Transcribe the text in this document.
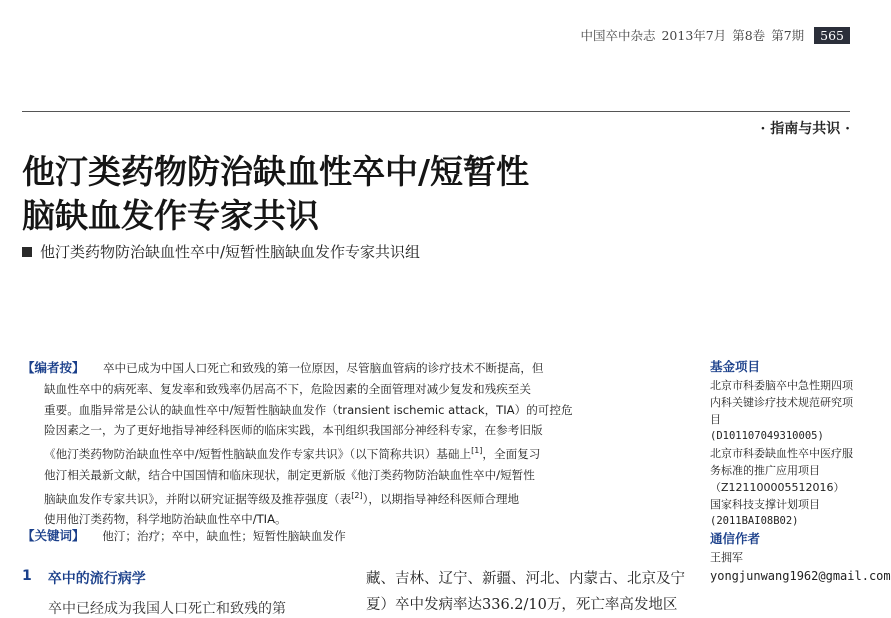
中国卒中杂志 2013年7月 第8卷 第7期	565
· 指南与共识 ·
他汀类药物防治缺血性卒中/短暂性
脑缺血发作专家共识
他汀类药物防治缺血性卒中/短暂性脑缺血发作专家共识组
【编者按】 卒中已成为中国人口死亡和致残的第一位原因，尽管脑血管病的诊疗技术不断提高，但
缺血性卒中的病死率、复发率和致残率仍居高不下，危险因素的全面管理对减少复发和残疾至关
重要。血脂异常是公认的缺血性卒中/短暂性脑缺血发作（transient ischemic attack，TIA）的可控危
险因素之一，为了更好地指导神经科医师的临床实践，本刊组织我国部分神经科专家，在参考旧版
《他汀类药物防治缺血性卒中/短暂性脑缺血发作专家共识》（以下简称共识）基础上[1]，全面复习
他汀相关最新文献，结合中国国情和临床现状，制定更新版《他汀类药物防治缺血性卒中/短暂性
脑缺血发作专家共识》，并附以研究证据等级及推荐强度（表[2]），以期指导神经科医师合理地
使用他汀类药物，科学地防治缺血性卒中/TIA。
【关键词】 他汀；治疗；卒中，缺血性；短暂性脑缺血发作
1 卒中的流行病学
卒中已经成为我国人口死亡和致残的第
藏、吉林、辽宁、新疆、河北、内蒙古、北京及宁
夏）卒中发病率达336.2/10万，死亡率高发地区
基金项目
北京市科委脑卒中急性期四项内科关键诊疗技术规范研究项目
(D101107049310005)
北京市科委缺血性卒中医疗服务标准的推广应用项目（Z121100005512016）
国家科技支撑计划项目
(2011BAI08B02)
通信作者
王拥军
yongjunwang1962@gmail.com
